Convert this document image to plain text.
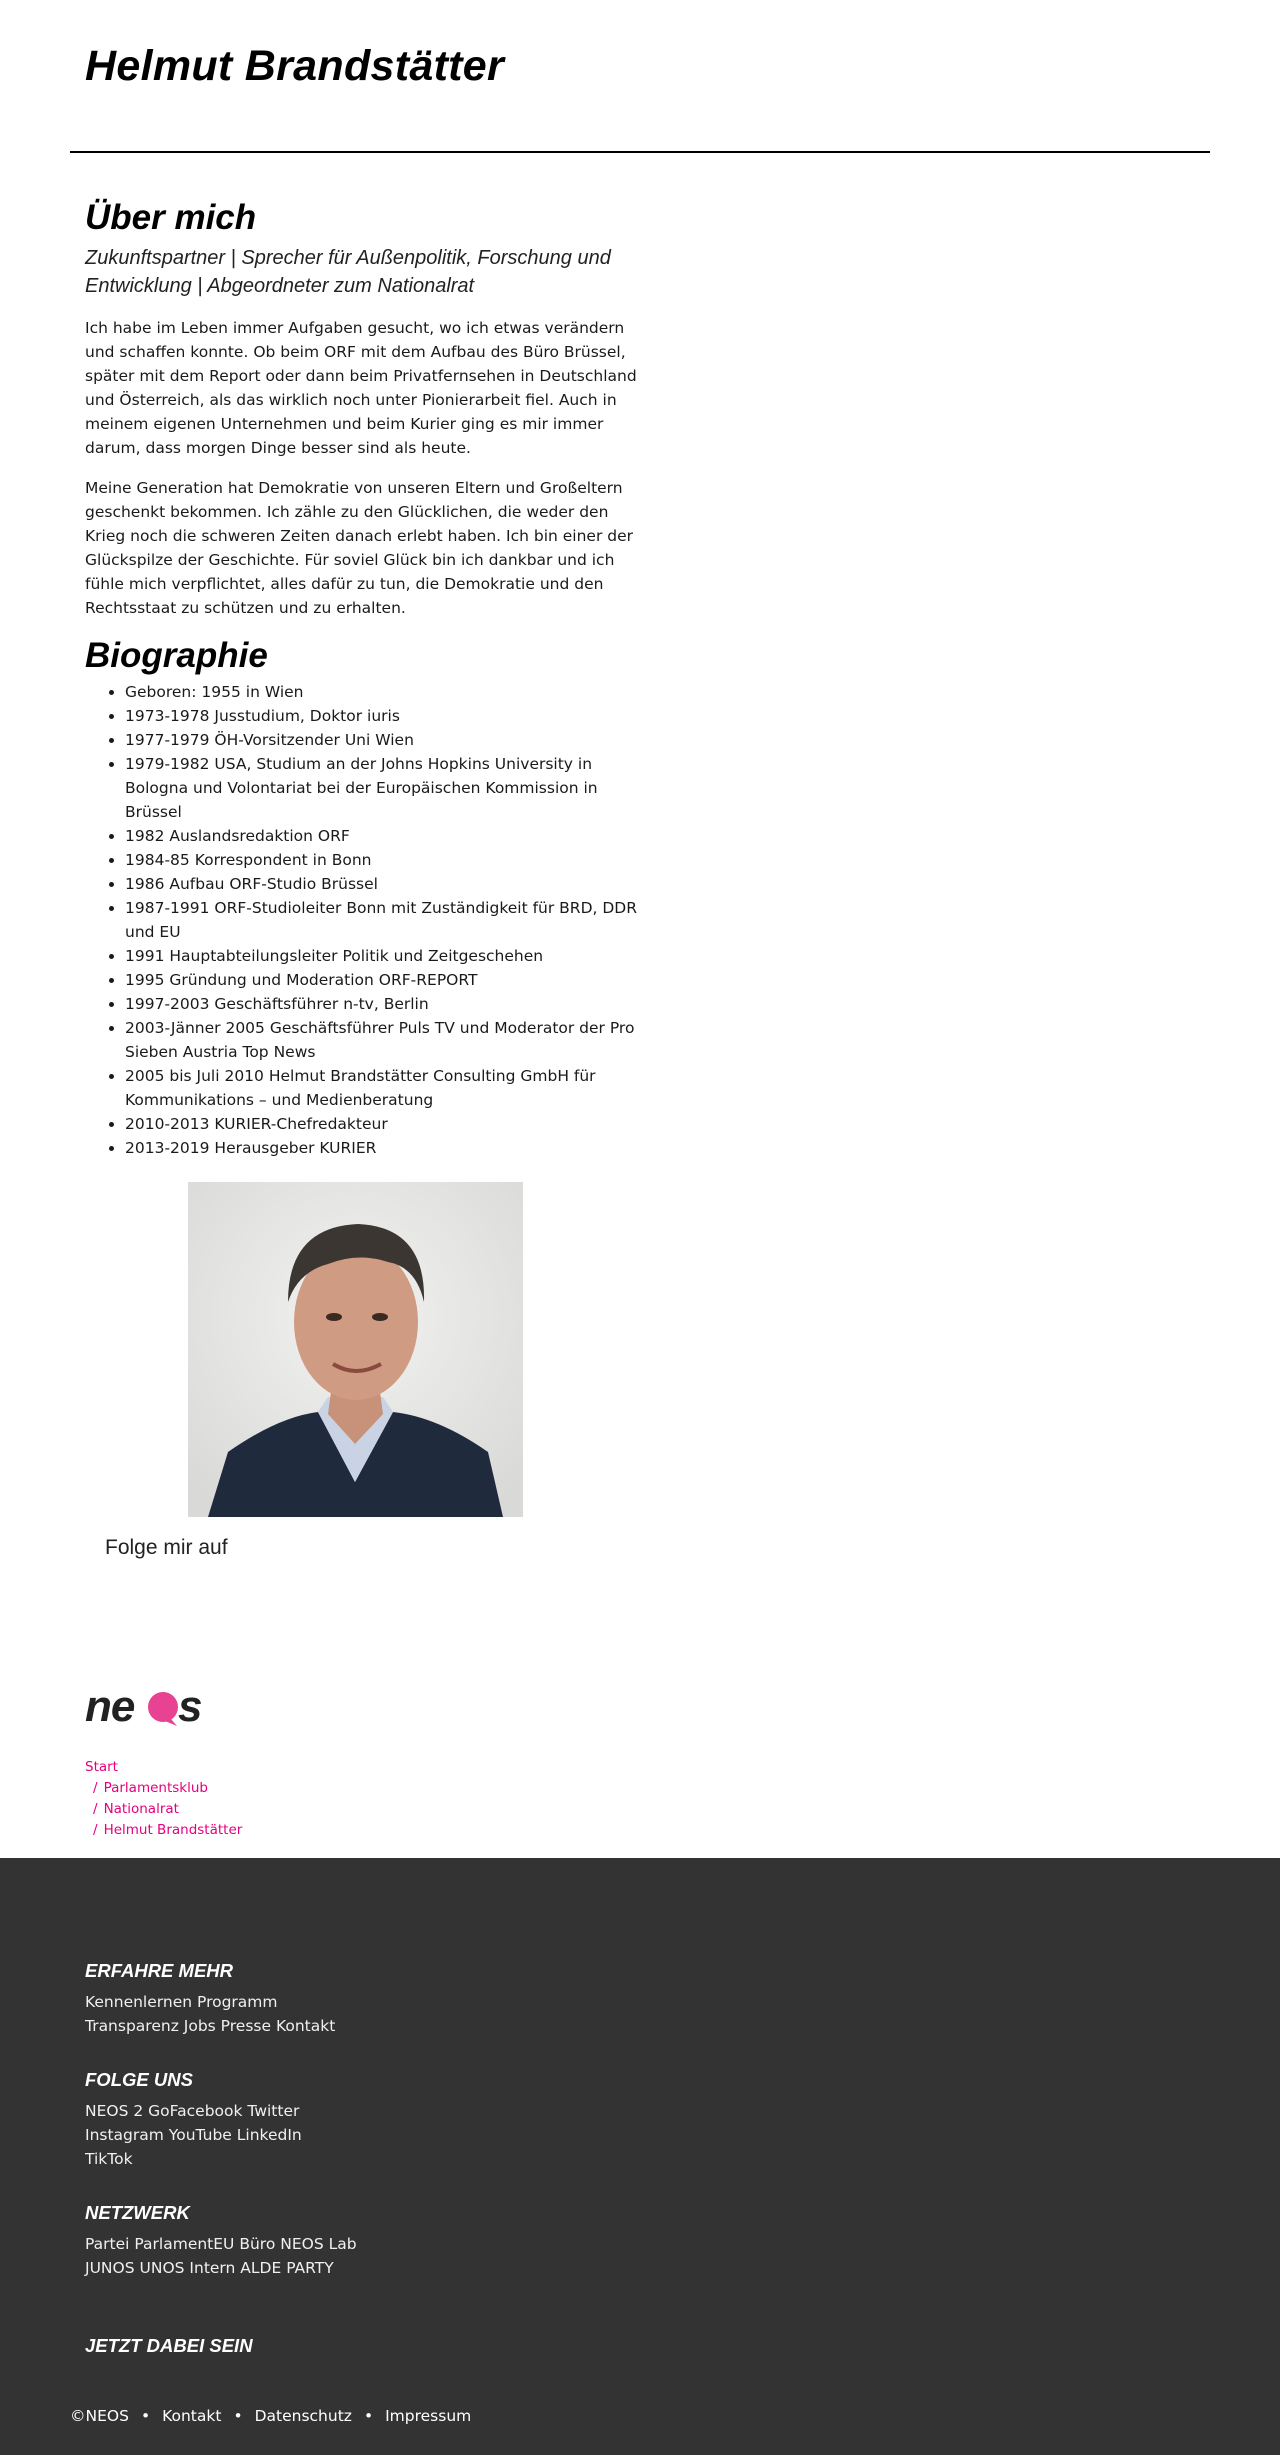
Helmut Brandstätter
Über mich

Zukunftspartner | Sprecher für Außenpolitik, Forschung und Entwicklung | Abgeordneter zum Nationalrat

Ich habe im Leben immer Aufgaben gesucht, wo ich etwas verändern und schaffen konnte. Ob beim ORF mit dem Aufbau des Büro Brüssel, später mit dem Report oder dann beim Privatfernsehen in Deutschland und Österreich, als das wirklich noch unter Pionierarbeit fiel. Auch in meinem eigenen Unternehmen und beim Kurier ging es mir immer darum, dass morgen Dinge besser sind als heute.

Meine Generation hat Demokratie von unseren Eltern und Großeltern geschenkt bekommen. Ich zähle zu den Glücklichen, die weder den Krieg noch die schweren Zeiten danach erlebt haben. Ich bin einer der Glückspilze der Geschichte. Für soviel Glück bin ich dankbar und ich fühle mich verpflichtet, alles dafür zu tun, die Demokratie und den Rechtsstaat zu schützen und zu erhalten.

Biographie
• Geboren: 1955 in Wien
• 1973-1978 Jusstudium, Doktor iuris
• 1977-1979 ÖH-Vorsitzender Uni Wien
• 1979-1982 USA, Studium an der Johns Hopkins University in Bologna und Volontariat bei der Europäischen Kommission in Brüssel
• 1982 Auslandsredaktion ORF
• 1984-85 Korrespondent in Bonn
• 1986 Aufbau ORF-Studio Brüssel
• 1987-1991 ORF-Studioleiter Bonn mit Zuständigkeit für BRD, DDR und EU
• 1991 Hauptabteilungsleiter Politik und Zeitgeschehen
• 1995 Gründung und Moderation ORF-REPORT
• 1997-2003 Geschäftsführer n-tv, Berlin
• 2003-Jänner 2005 Geschäftsführer Puls TV und Moderator der Pro Sieben Austria Top News
• 2005 bis Juli 2010 Helmut Brandstätter Consulting GmbH für Kommunikations – und Medienberatung
• 2010-2013 KURIER-Chefredakteur
• 2013-2019 Herausgeber KURIER
Folge mir auf
ne s
Start
/ Parlamentsklub
/ Nationalrat
/ Helmut Brandstätter
ERFAHRE MEHR
Kennenlernen Programm
Transparenz Jobs Presse Kontakt
FOLGE UNS
NEOS 2 GoFacebook Twitter
Instagram YouTube LinkedIn
TikTok
NETZWERK
Partei ParlamentEU Büro NEOS Lab
JUNOS UNOS Intern ALDE PARTY
JETZT DABEI SEIN
©NEOS • Kontakt • Datenschutz • Impressum
